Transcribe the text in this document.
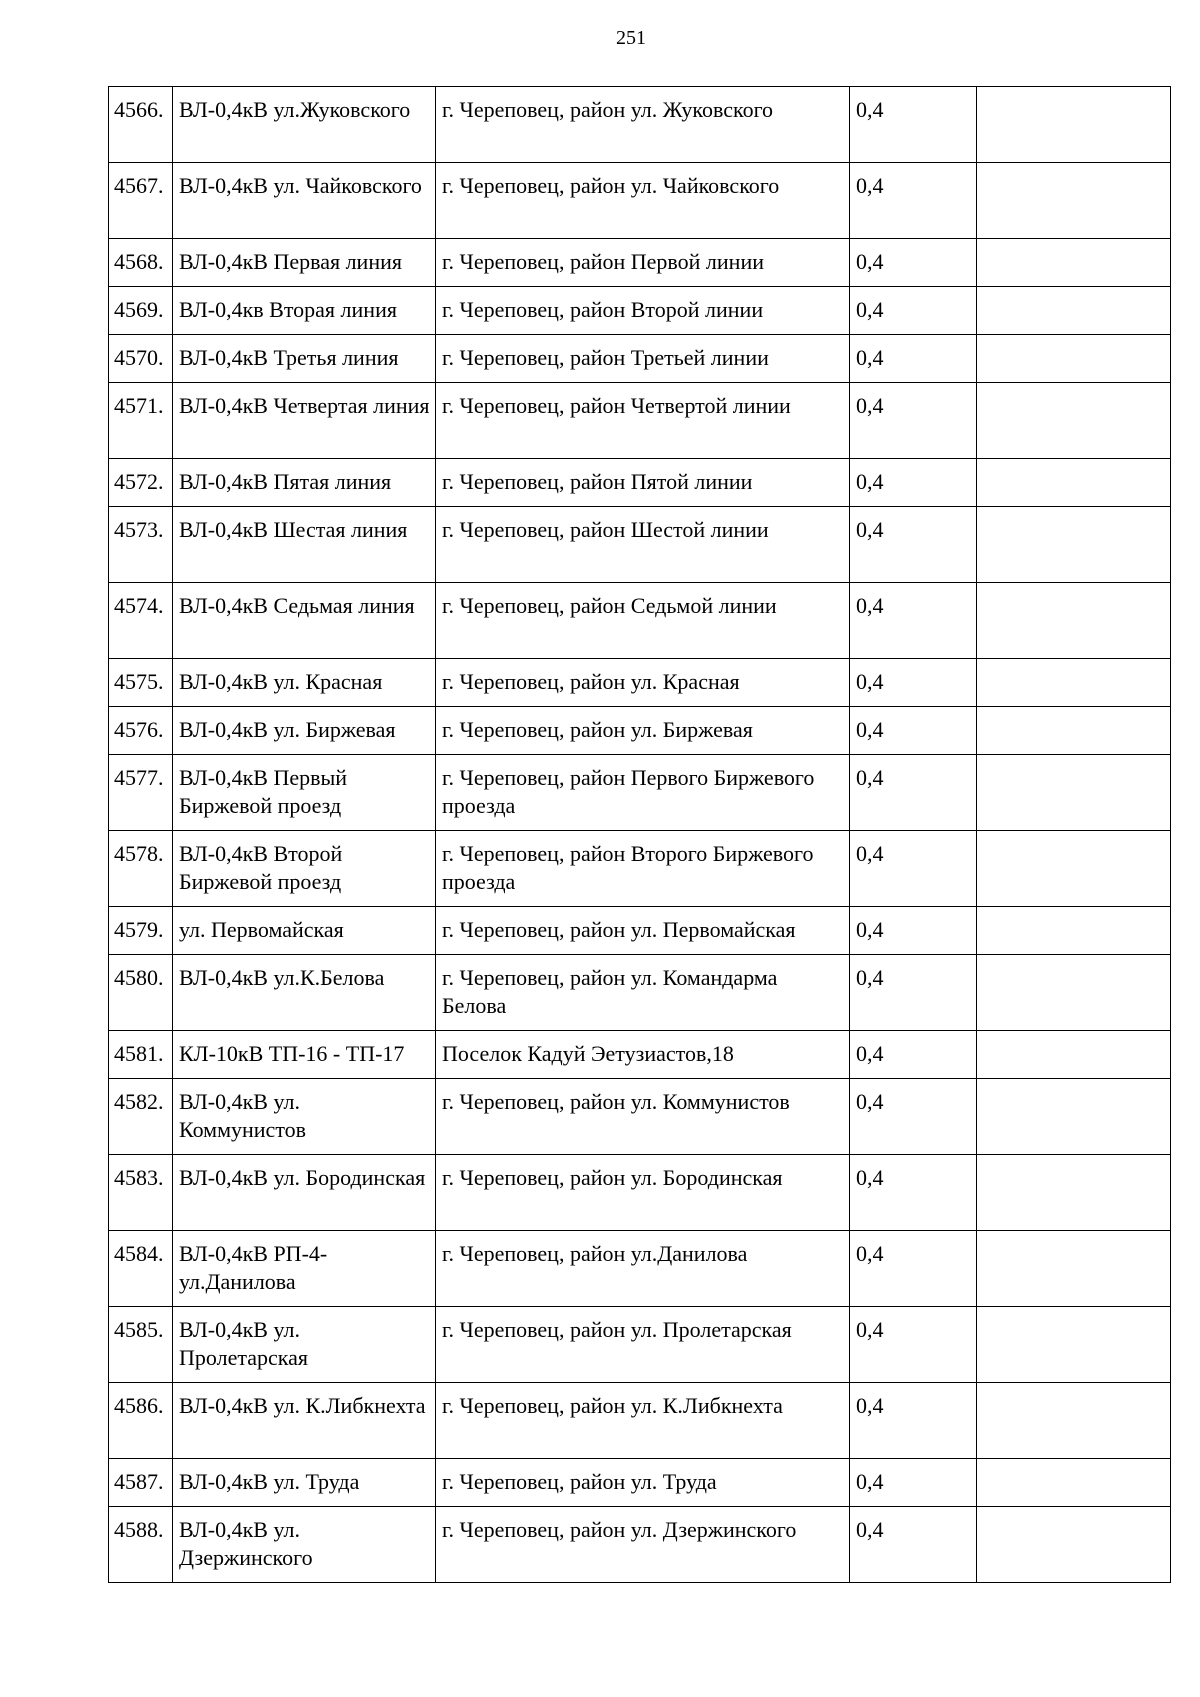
251
4566.	ВЛ-0,4кВ ул.Жуковского	г. Череповец, район ул. Жуковского	0,4	
4567.	ВЛ-0,4кВ ул. Чайковского	г. Череповец, район ул. Чайковского	0,4	
4568.	ВЛ-0,4кВ Первая линия	г. Череповец, район Первой линии	0,4	
4569.	ВЛ-0,4кв Вторая линия	г. Череповец, район Второй линии	0,4	
4570.	ВЛ-0,4кВ Третья линия	г. Череповец, район Третьей линии	0,4	
4571.	ВЛ-0,4кВ Четвертая линия	г. Череповец, район Четвертой линии	0,4	
4572.	ВЛ-0,4кВ Пятая линия	г. Череповец, район Пятой линии	0,4	
4573.	ВЛ-0,4кВ Шестая линия	г. Череповец, район Шестой линии	0,4	
4574.	ВЛ-0,4кВ Седьмая линия	г. Череповец, район Седьмой линии	0,4	
4575.	ВЛ-0,4кВ ул. Красная	г. Череповец, район ул. Красная	0,4	
4576.	ВЛ-0,4кВ ул. Биржевая	г. Череповец, район ул. Биржевая	0,4	
4577.	ВЛ-0,4кВ Первый Биржевой проезд	г. Череповец, район Первого Биржевого проезда	0,4	
4578.	ВЛ-0,4кВ Второй Биржевой проезд	г. Череповец, район Второго Биржевого проезда	0,4	
4579.	ул. Первомайская	г. Череповец, район ул. Первомайская	0,4	
4580.	ВЛ-0,4кВ ул.К.Белова	г. Череповец, район ул. Командарма Белова	0,4	
4581.	КЛ-10кВ ТП-16 - ТП-17	Поселок Кадуй Эетузиастов,18	0,4	
4582.	ВЛ-0,4кВ ул. Коммунистов	г. Череповец, район ул. Коммунистов	0,4	
4583.	ВЛ-0,4кВ ул. Бородинская	г. Череповец, район ул. Бородинская	0,4	
4584.	ВЛ-0,4кВ РП-4-ул.Данилова	г. Череповец, район ул.Данилова	0,4	
4585.	ВЛ-0,4кВ ул. Пролетарская	г. Череповец, район ул. Пролетарская	0,4	
4586.	ВЛ-0,4кВ ул. К.Либкнехта	г. Череповец, район ул. К.Либкнехта	0,4	
4587.	ВЛ-0,4кВ ул. Труда	г. Череповец, район ул. Труда	0,4	
4588.	ВЛ-0,4кВ ул. Дзержинского	г. Череповец, район ул. Дзержинского	0,4	
